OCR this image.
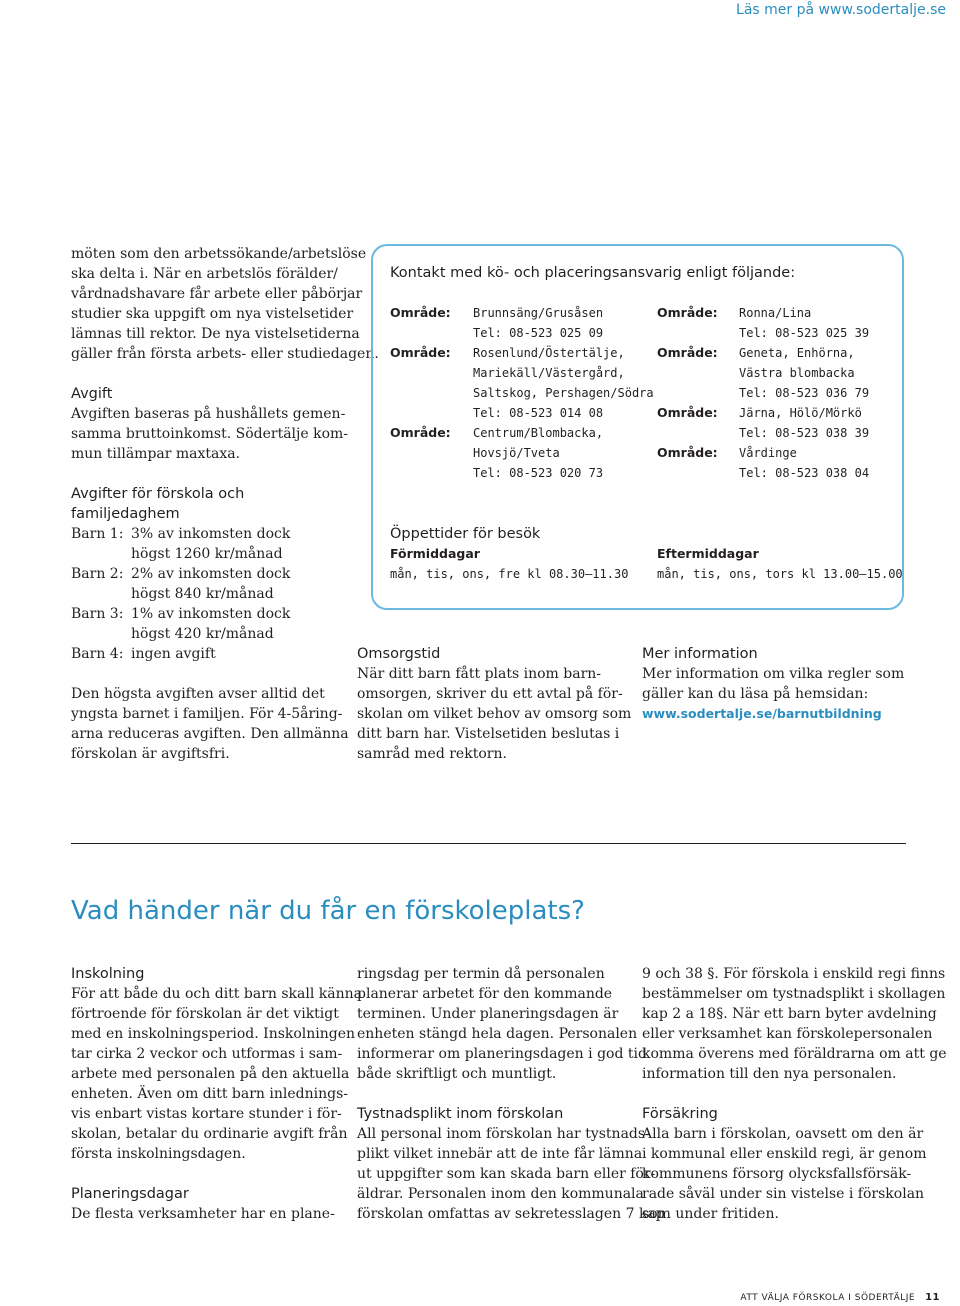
Läs mer på www.sodertalje.se
möten som den arbetssökande/arbetslöse
ska delta i. När en arbetslös förälder/
vårdnadshavare får arbete eller påbörjar
studier ska uppgift om nya vistelsetider
lämnas till rektor. De nya vistelsetiderna
gäller från första arbets- eller studiedagen.
Avgift
Avgiften baseras på hushållets gemen-
samma bruttoinkomst. Södertälje kom-
mun tillämpar maxtaxa.
Avgifter för förskola och
familjedaghem
Barn 1: 3% av inkomsten dock
högst 1260 kr/månad
Barn 2: 2% av inkomsten dock
högst 840 kr/månad
Barn 3: 1% av inkomsten dock
högst 420 kr/månad
Barn 4: ingen avgift
Den högsta avgiften avser alltid det
yngsta barnet i familjen. För 4-5åring-
arna reduceras avgiften. Den allmänna
förskolan är avgiftsfri.
Kontakt med kö- och placeringsansvarig enligt följande:
Område:
Område:
Område:
Brunnsäng/Grusåsen
Tel: 08-523 025 09
Rosenlund/Östertälje,
Mariekäll/Västergård,
Saltskog, Pershagen/Södra
Tel: 08-523 014 08
Centrum/Blombacka,
Hovsjö/Tveta
Tel: 08-523 020 73
Område:
Område:
Område:
Område:
Ronna/Lina
Tel: 08-523 025 39
Geneta, Enhörna,
Västra blombacka
Tel: 08-523 036 79
Järna, Hölö/Mörkö
Tel: 08-523 038 39
Vårdinge
Tel: 08-523 038 04
Öppettider för besök
Förmiddagar
mån, tis, ons, fre kl 08.30–11.30
Eftermiddagar
mån, tis, ons, tors kl 13.00–15.00
Omsorgstid
När ditt barn fått plats inom barn-
omsorgen, skriver du ett avtal på för-
skolan om vilket behov av omsorg som
ditt barn har. Vistelsetiden beslutas i
samråd med rektorn.
Mer information
Mer information om vilka regler som
gäller kan du läsa på hemsidan:
www.sodertalje.se/barnutbildning
Vad händer när du får en förskoleplats?
Inskolning
För att både du och ditt barn skall känna
förtroende för förskolan är det viktigt
med en inskolningsperiod. Inskolningen
tar cirka 2 veckor och utformas i sam-
arbete med personalen på den aktuella
enheten. Även om ditt barn inlednings-
vis enbart vistas kortare stunder i för-
skolan, betalar du ordinarie avgift från
första inskolningsdagen.
Planeringsdagar
De flesta verksamheter har en plane-
ringsdag per termin då personalen
planerar arbetet för den kommande
terminen. Under planeringsdagen är
enheten stängd hela dagen. Personalen
informerar om planeringsdagen i god tid
både skriftligt och muntligt.
Tystnadsplikt inom förskolan
All personal inom förskolan har tystnads-
plikt vilket innebär att de inte får lämna
ut uppgifter som kan skada barn eller för-
äldrar. Personalen inom den kommunala
förskolan omfattas av sekretesslagen 7 kap
9 och 38 §. För förskola i enskild regi finns
bestämmelser om tystnadsplikt i skollagen
kap 2 a 18§. När ett barn byter avdelning
eller verksamhet kan förskolepersonalen
komma överens med föräldrarna om att ge
information till den nya personalen.
Försäkring
Alla barn i förskolan, oavsett om den är
i kommunal eller enskild regi, är genom
kommunens försorg olycksfallsförsäk-
rade såväl under sin vistelse i förskolan
som under fritiden.
ATT VÄLJA FÖRSKOLA I SÖDERTÄLJE 11
